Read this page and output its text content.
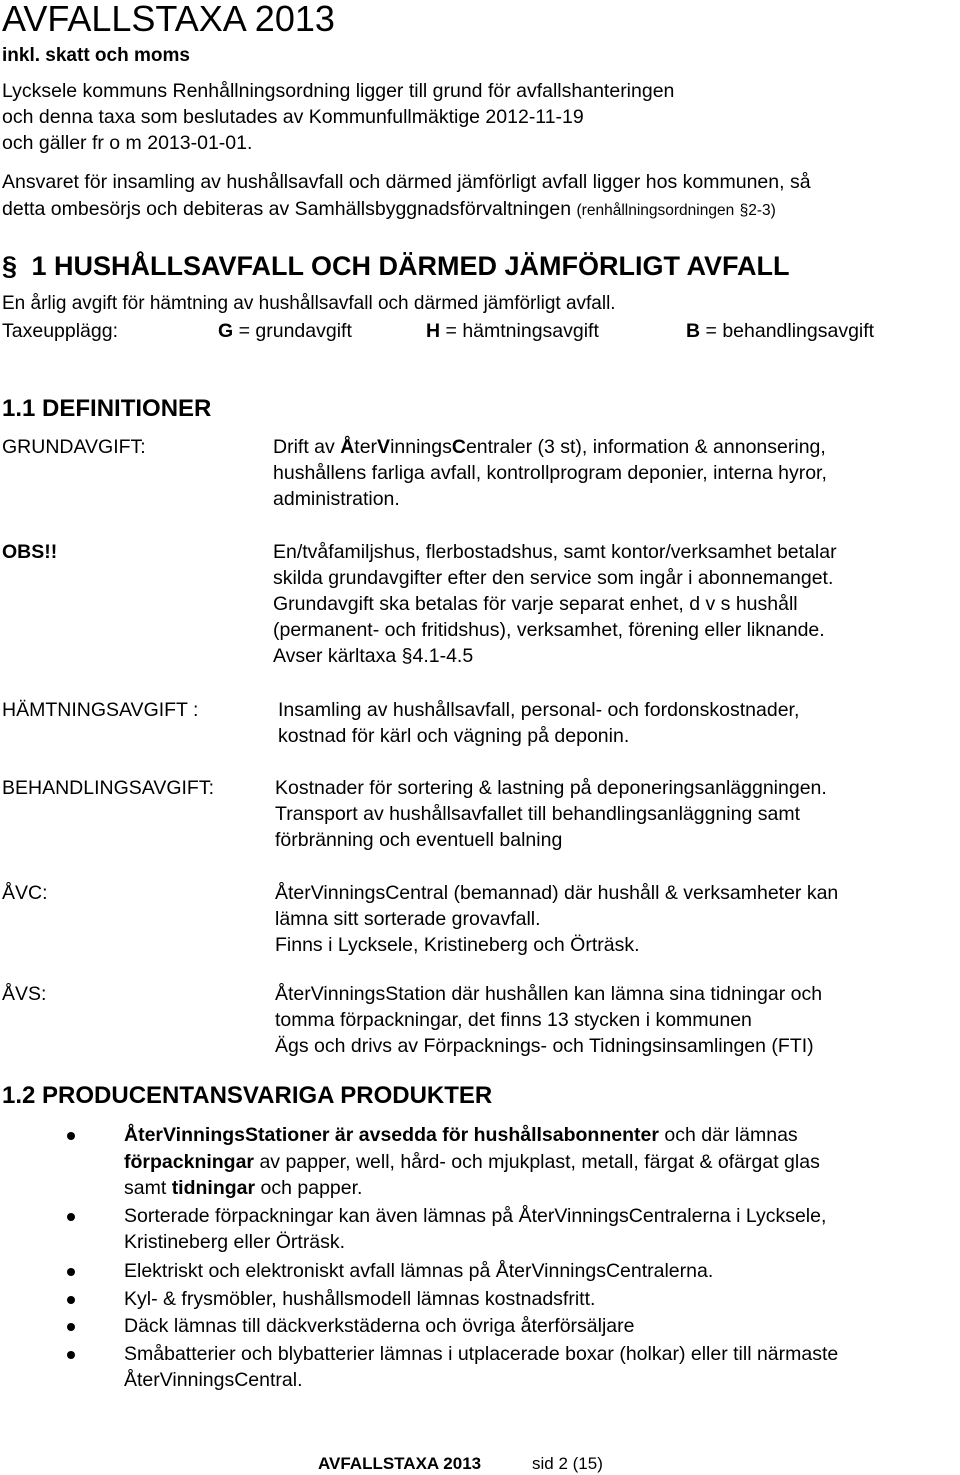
AVFALLSTAXA 2013
inkl. skatt och moms
Lycksele kommuns Renhållningsordning ligger till grund för avfallshanteringen
och denna taxa som beslutades av Kommunfullmäktige 2012-11-19
och gäller fr o m 2013-01-01.
Ansvaret för insamling av hushållsavfall och därmed jämförligt avfall ligger hos kommunen, så
detta ombesörjs och debiteras av Samhällsbyggnadsförvaltningen (renhållningsordningen §2-3)
§ 1 HUSHÅLLSAVFALL OCH DÄRMED JÄMFÖRLIGT AVFALL
En årlig avgift för hämtning av hushållsavfall och därmed jämförligt avfall.
Taxeupplägg:	G = grundavgift	H = hämtningsavgift	B = behandlingsavgift
1.1 DEFINITIONER
GRUNDAVGIFT:	Drift av ÅterVinningsCentraler (3 st), information & annonsering,
hushållens farliga avfall, kontrollprogram deponier, interna hyror,
administration.
OBS!!	En/tvåfamiljshus, flerbostadshus, samt kontor/verksamhet betalar
skilda grundavgifter efter den service som ingår i abonnemanget.
Grundavgift ska betalas för varje separat enhet, d v s hushåll
(permanent- och fritidshus), verksamhet, förening eller liknande.
Avser kärltaxa §4.1-4.5
HÄMTNINGSAVGIFT :	Insamling av hushållsavfall, personal- och fordonskostnader,
kostnad för kärl och vägning på deponin.
BEHANDLINGSAVGIFT:	Kostnader för sortering & lastning på deponeringsanläggningen.
Transport av hushållsavfallet till behandlingsanläggning samt
förbränning och eventuell balning
ÅVC:	ÅterVinningsCentral (bemannad) där hushåll & verksamheter kan
lämna sitt sorterade grovavfall.
Finns i Lycksele, Kristineberg och Örträsk.
ÅVS:	ÅterVinningsStation där hushållen kan lämna sina tidningar och
tomma förpackningar, det finns 13 stycken i kommunen
Ägs och drivs av Förpacknings- och Tidningsinsamlingen (FTI)
1.2 PRODUCENTANSVARIGA PRODUKTER
ÅterVinningsStationer är avsedda för hushållsabonnenter och där lämnas
förpackningar av papper, well, hård- och mjukplast, metall, färgat & ofärgat glas
samt tidningar och papper.
Sorterade förpackningar kan även lämnas på ÅterVinningsCentralerna i Lycksele,
Kristineberg eller Örträsk.
Elektriskt och elektroniskt avfall lämnas på ÅterVinningsCentralerna.
Kyl- & frysmöbler, hushållsmodell lämnas kostnadsfritt.
Däck lämnas till däckverkstäderna och övriga återförsäljare
Småbatterier och blybatterier lämnas i utplacerade boxar (holkar) eller till närmaste
ÅterVinningsCentral.
AVFALLSTAXA 2013	sid 2 (15)
